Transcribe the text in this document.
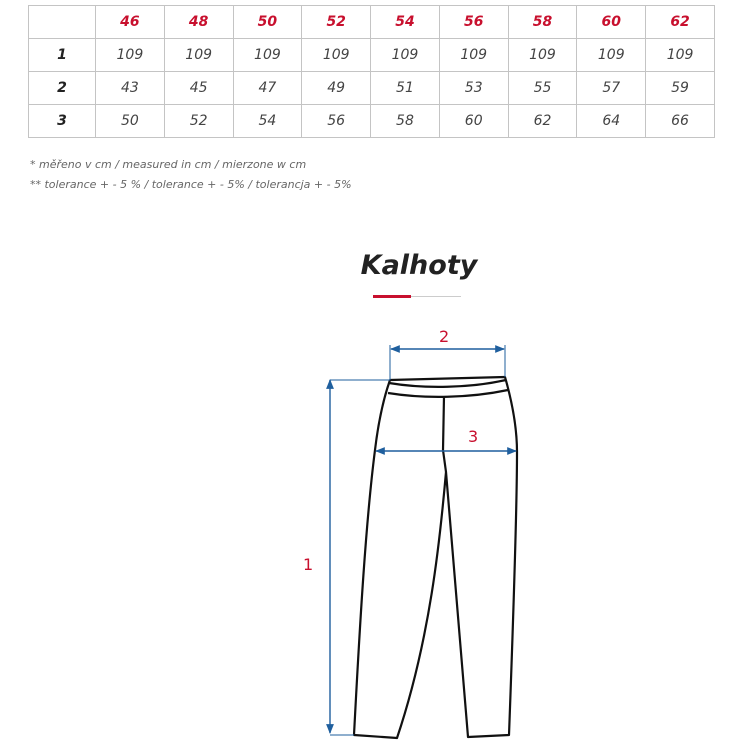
	46	48	50	52	54	56	58	60	62
1	109	109	109	109	109	109	109	109	109
2	43	45	47	49	51	53	55	57	59
3	50	52	54	56	58	60	62	64	66
* měřeno v cm / measured in cm / mierzone w cm
** tolerance + - 5 % / tolerance + - 5% / tolerancja + - 5%
Kalhoty
1
2
3
